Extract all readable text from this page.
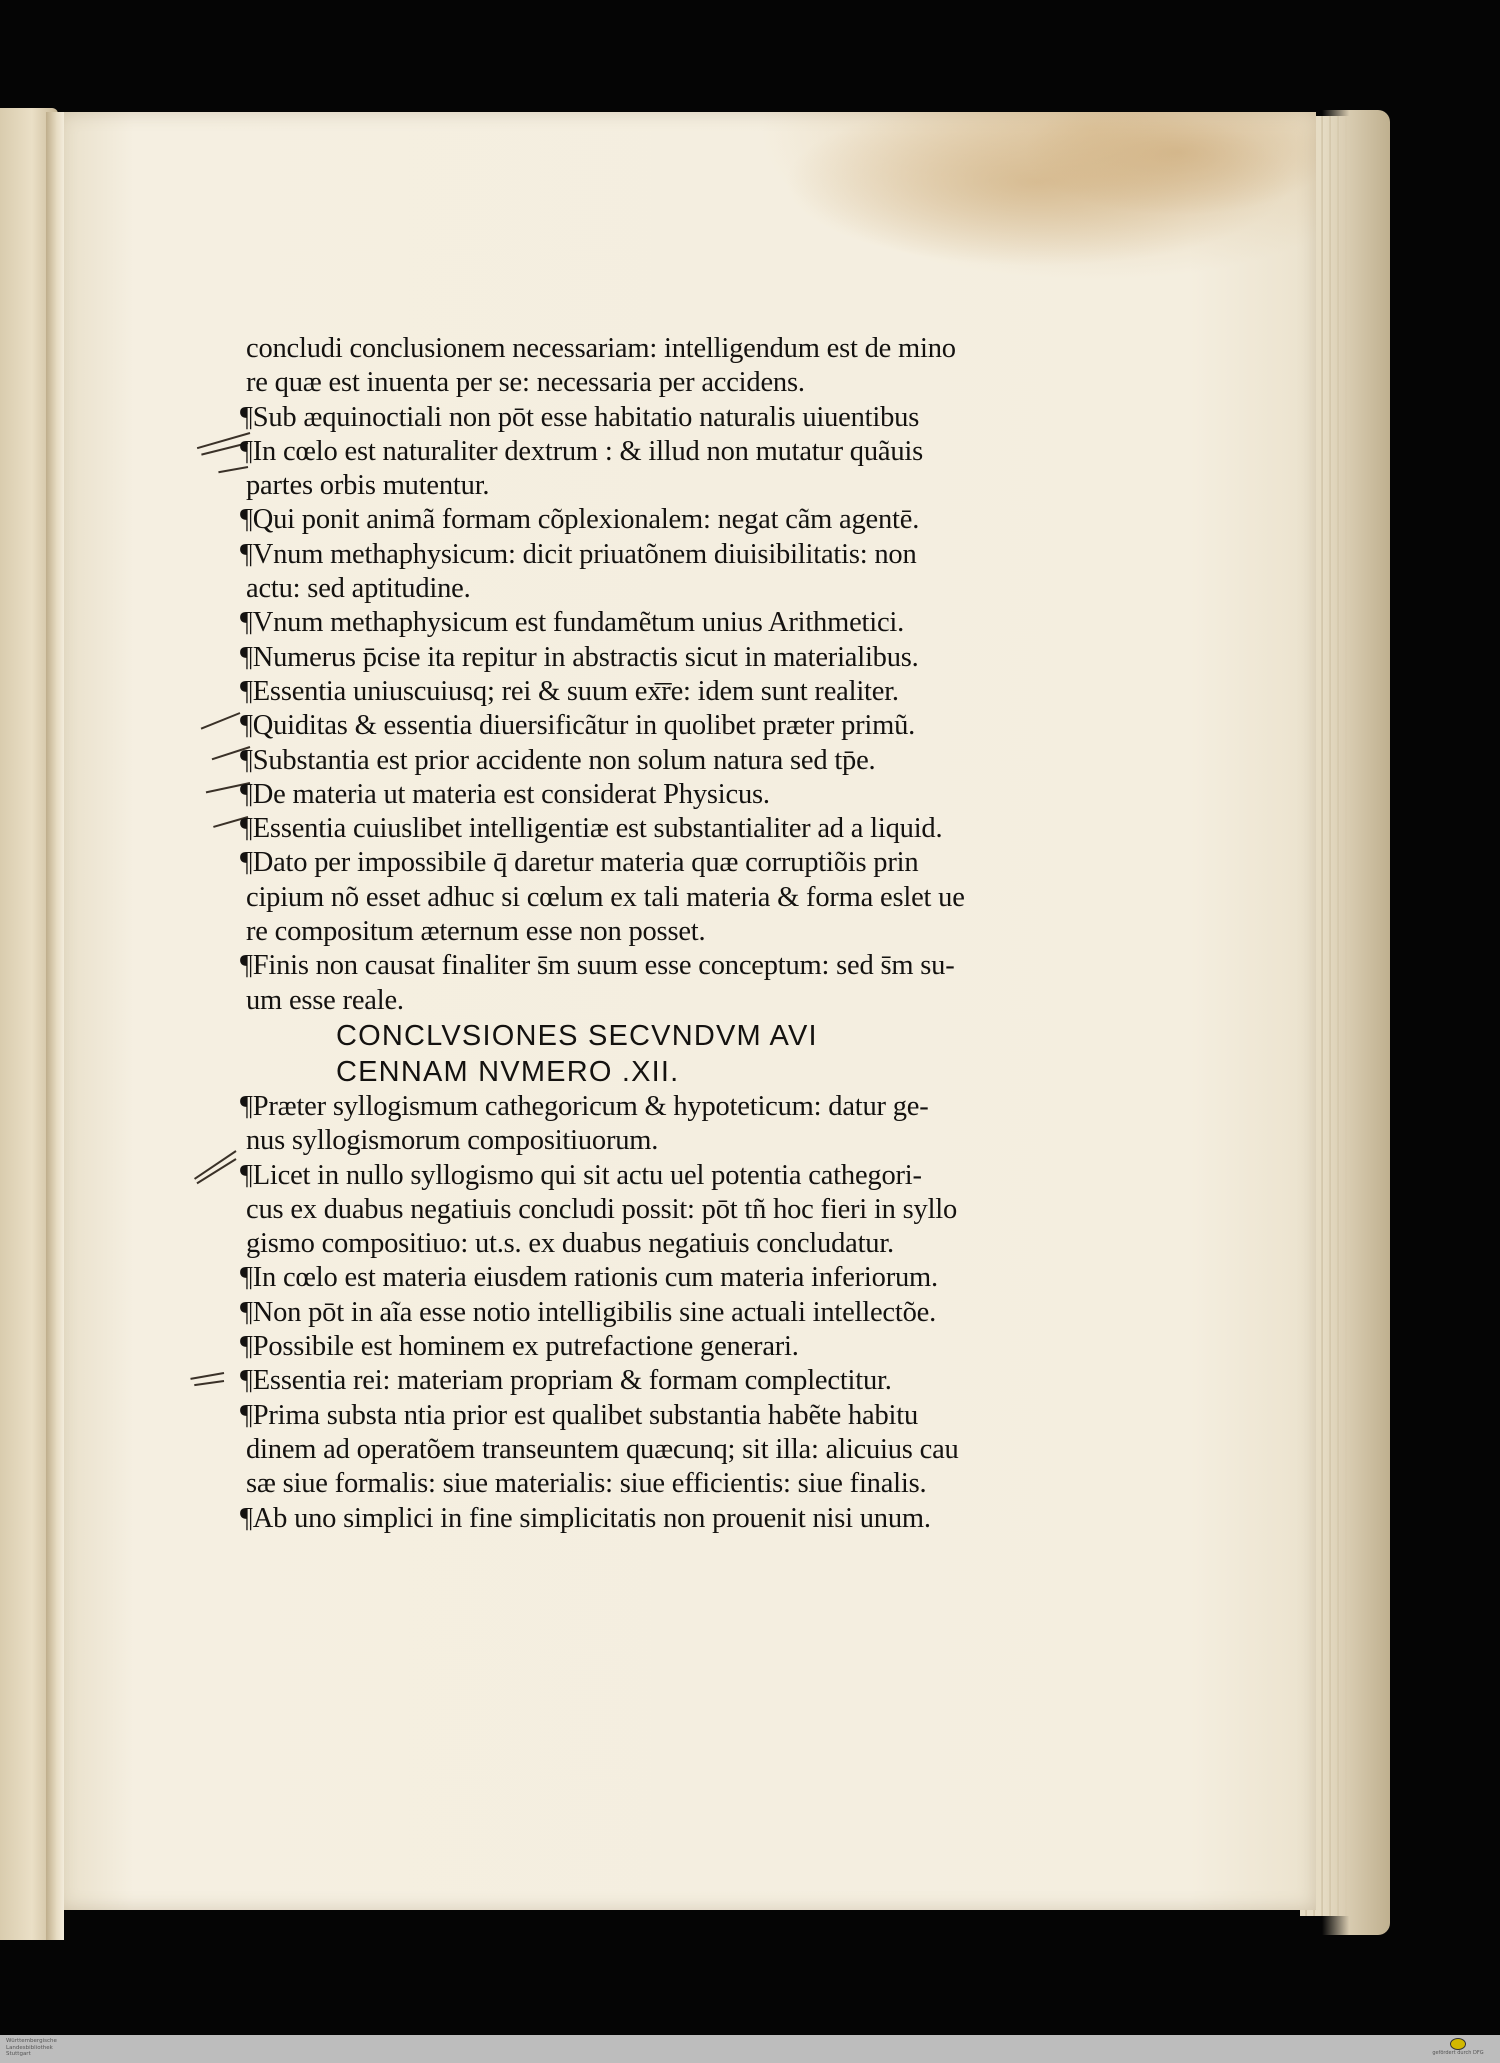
concludi conclusionem necessariam: intelligendum est de mino
re quæ est inuenta per se: necessaria per accidens.
¶Sub æquinoctiali non pōt esse habitatio naturalis uiuentibus
¶In cœlo est naturaliter dextrum : & illud non mutatur quãuis
partes orbis mutentur.
¶Qui ponit animã formam cõplexionalem: negat cãm agentē.
¶Vnum methaphysicum: dicit priuatõnem diuisibilitatis: non
actu: sed aptitudine.
¶Vnum methaphysicum est fundamẽtum unius Arithmetici.
¶Numerus p̄cise ita repitur in abstractis sicut in materialibus.
¶Essentia uniuscuiusq; rei & suum ex͞re: idem sunt realiter.
¶Quiditas & essentia diuersificãtur in quolibet præter primũ.
¶Substantia est prior accidente non solum natura sed tp̄e.
¶De materia ut materia est considerat Physicus.
¶Essentia cuiuslibet intelligentiæ est substantialiter ad a liquid.
¶Dato per impossibile q̄ daretur materia quæ corruptiõis prin
cipium nõ esset adhuc si cœlum ex tali materia & forma eslet ue
re compositum æternum esse non posset.
¶Finis non causat finaliter s̄m suum esse conceptum: sed s̄m su-
um esse reale.
CONCLVSIONES SECVNDVM AVI
CENNAM NVMERO .XII.
¶Præter syllogismum cathegoricum & hypoteticum: datur ge-
nus syllogismorum compositiuorum.
¶Licet in nullo syllogismo qui sit actu uel potentia cathegori-
cus ex duabus negatiuis concludi possit: pōt tñ hoc fieri in syllo
gismo compositiuo: ut.s. ex duabus negatiuis concludatur.
¶In cœlo est materia eiusdem rationis cum materia inferiorum.
¶Non pōt in aĩa esse notio intelligibilis sine actuali intellectõe.
¶Possibile est hominem ex putrefactione generari.
¶Essentia rei: materiam propriam & formam complectitur.
¶Prima substa ntia prior est qualibet substantia habẽte habitu
dinem ad operatõem transeuntem quæcunq; sit illa: alicuius cau
sæ siue formalis: siue materialis: siue efficientis: siue finalis.
¶Ab uno simplici in fine simplicitatis non prouenit nisi unum.
Württembergische Landesbibliothek Stuttgart	gefördert durch DFG
